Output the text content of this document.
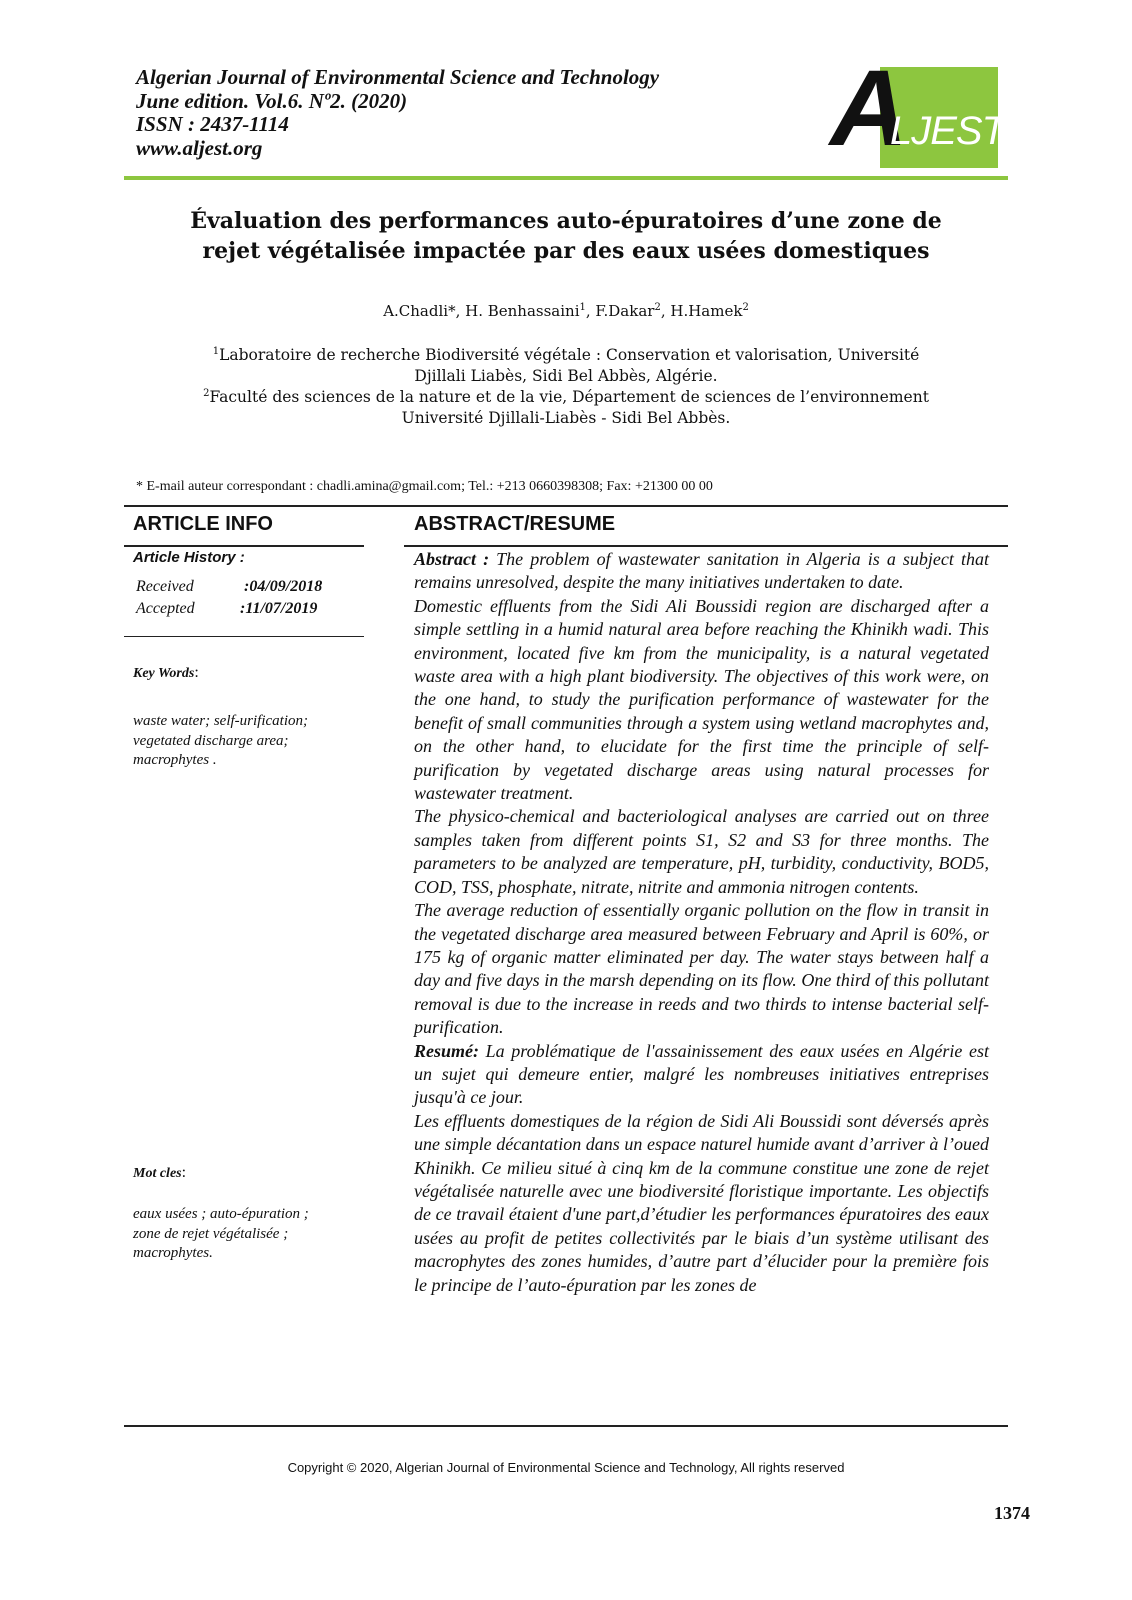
Algerian Journal of Environmental Science and Technology
June edition. Vol.6. Nº2. (2020)
ISSN : 2437-1114
www.aljest.org	A
LJEST
Évaluation des performances auto-épuratoires d’une zone de
rejet végétalisée impactée par des eaux usées domestiques
A.Chadli*, H. Benhassaini$^1$, F.Dakar$^2$, H.Hamek$^2$
$^1$Laboratoire de recherche Biodiversité végétale : Conservation et valorisation, Université
Djillali Liabès, Sidi Bel Abbès, Algérie.
$^2$Faculté des sciences de la nature et de la vie, Département de sciences de l’environnement
Université Djillali-Liabès - Sidi Bel Abbès.
* E-mail auteur correspondant : chadli.amina@gmail.com; Tel.: +213 0660398308; Fax: +21300 00 00
ARTICLE INFO	ABSTRACT/RESUME
Article History :
Received	:04/09/2018
Accepted	:11/07/2019
Key Words:
waste water; self-urification;
vegetated discharge area;
macrophytes .
Mot cles:
eaux usées ; auto-épuration ;
zone de rejet végétalisée ;
macrophytes.

Abstract : The problem of wastewater sanitation in Algeria is a subject that remains unresolved, despite the many initiatives undertaken to date.

Domestic effluents from the Sidi Ali Boussidi region are discharged after a simple settling in a humid natural area before reaching the Khinikh wadi. This environment, located five km from the municipality, is a natural vegetated waste area with a high plant biodiversity. The objectives of this work were, on the one hand, to study the purification performance of wastewater for the benefit of small communities through a system using wetland macrophytes and, on the other hand, to elucidate for the first time the principle of self-purification by vegetated discharge areas using natural processes for wastewater treatment.

The physico-chemical and bacteriological analyses are carried out on three samples taken from different points S1, S2 and S3 for three months. The parameters to be analyzed are temperature, pH, turbidity, conductivity, BOD5, COD, TSS, phosphate, nitrate, nitrite and ammonia nitrogen contents.

The average reduction of essentially organic pollution on the flow in transit in the vegetated discharge area measured between February and April is 60%, or 175 kg of organic matter eliminated per day. The water stays between half a day and five days in the marsh depending on its flow. One third of this pollutant removal is due to the increase in reeds and two thirds to intense bacterial self-purification.

Resumé: La problématique de l'assainissement des eaux usées en Algérie est un sujet qui demeure entier, malgré les nombreuses initiatives entreprises jusqu'à ce jour.

Les effluents domestiques de la région de Sidi Ali Boussidi sont déversés après une simple décantation dans un espace naturel humide avant d’arriver à l’oued Khinikh. Ce milieu situé à cinq km de la commune constitue une zone de rejet végétalisée naturelle avec une biodiversité floristique importante. Les objectifs de ce travail étaient d'une part,d’étudier les performances épuratoires des eaux usées au profit de petites collectivités par le biais d’un système utilisant des macrophytes des zones humides, d’autre part d’élucider pour la première fois le principe de l’auto-épuration par les zones de

Copyright © 2020, Algerian Journal of Environmental Science and Technology, All rights reserved
1374
